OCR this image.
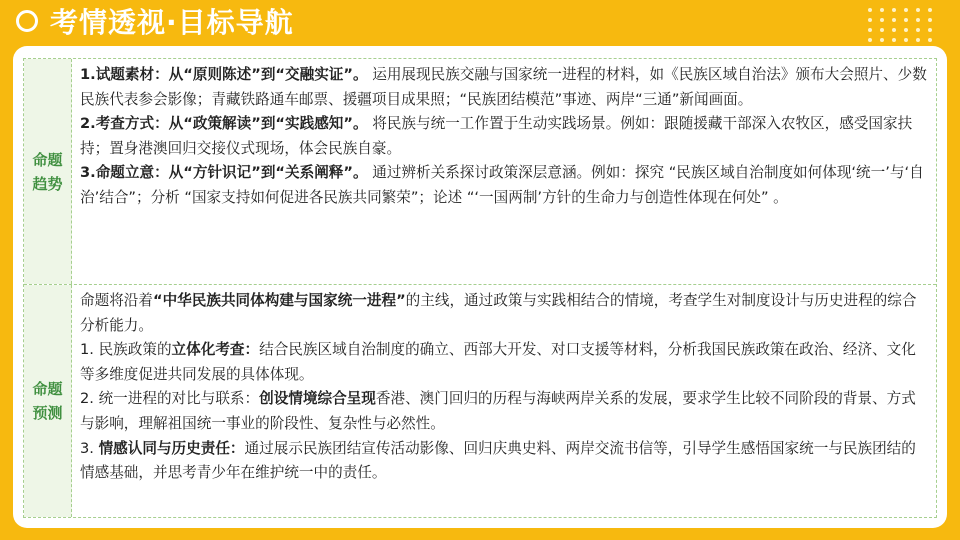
考情透视·目标导航
命题趋势

1.试题素材：从“原则陈述”到“交融实证”。 运用展现民族交融与国家统一进程的材料，如《民族区域自治法》颁布大会照片、少数民族代表参会影像；青藏铁路通车邮票、援疆项目成果照；“民族团结模范”事迹、两岸“三通”新闻画面。

2.考查方式：从“政策解读”到“实践感知”。 将民族与统一工作置于生动实践场景。例如：跟随援藏干部深入农牧区，感受国家扶持；置身港澳回归交接仪式现场，体会民族自豪。

3.命题立意：从“方针识记”到“关系阐释”。 通过辨析关系探讨政策深层意涵。例如：探究 “民族区域自治制度如何体现‘统一’与‘自治’结合”；分析 “国家支持如何促进各民族共同繁荣”；论述 “‘一国两制’方针的生命力与创造性体现在何处” 。

命题预测

命题将沿着“中华民族共同体构建与国家统一进程”的主线，通过政策与实践相结合的情境，考查学生对制度设计与历史进程的综合分析能力。

1. 民族政策的立体化考查：结合民族区域自治制度的确立、西部大开发、对口支援等材料，分析我国民族政策在政治、经济、文化等多维度促进共同发展的具体体现。

2. 统一进程的对比与联系：创设情境综合呈现香港、澳门回归的历程与海峡两岸关系的发展，要求学生比较不同阶段的背景、方式与影响，理解祖国统一事业的阶段性、复杂性与必然性。

3. 情感认同与历史责任：通过展示民族团结宣传活动影像、回归庆典史料、两岸交流书信等，引导学生感悟国家统一与民族团结的情感基础，并思考青少年在维护统一中的责任。
